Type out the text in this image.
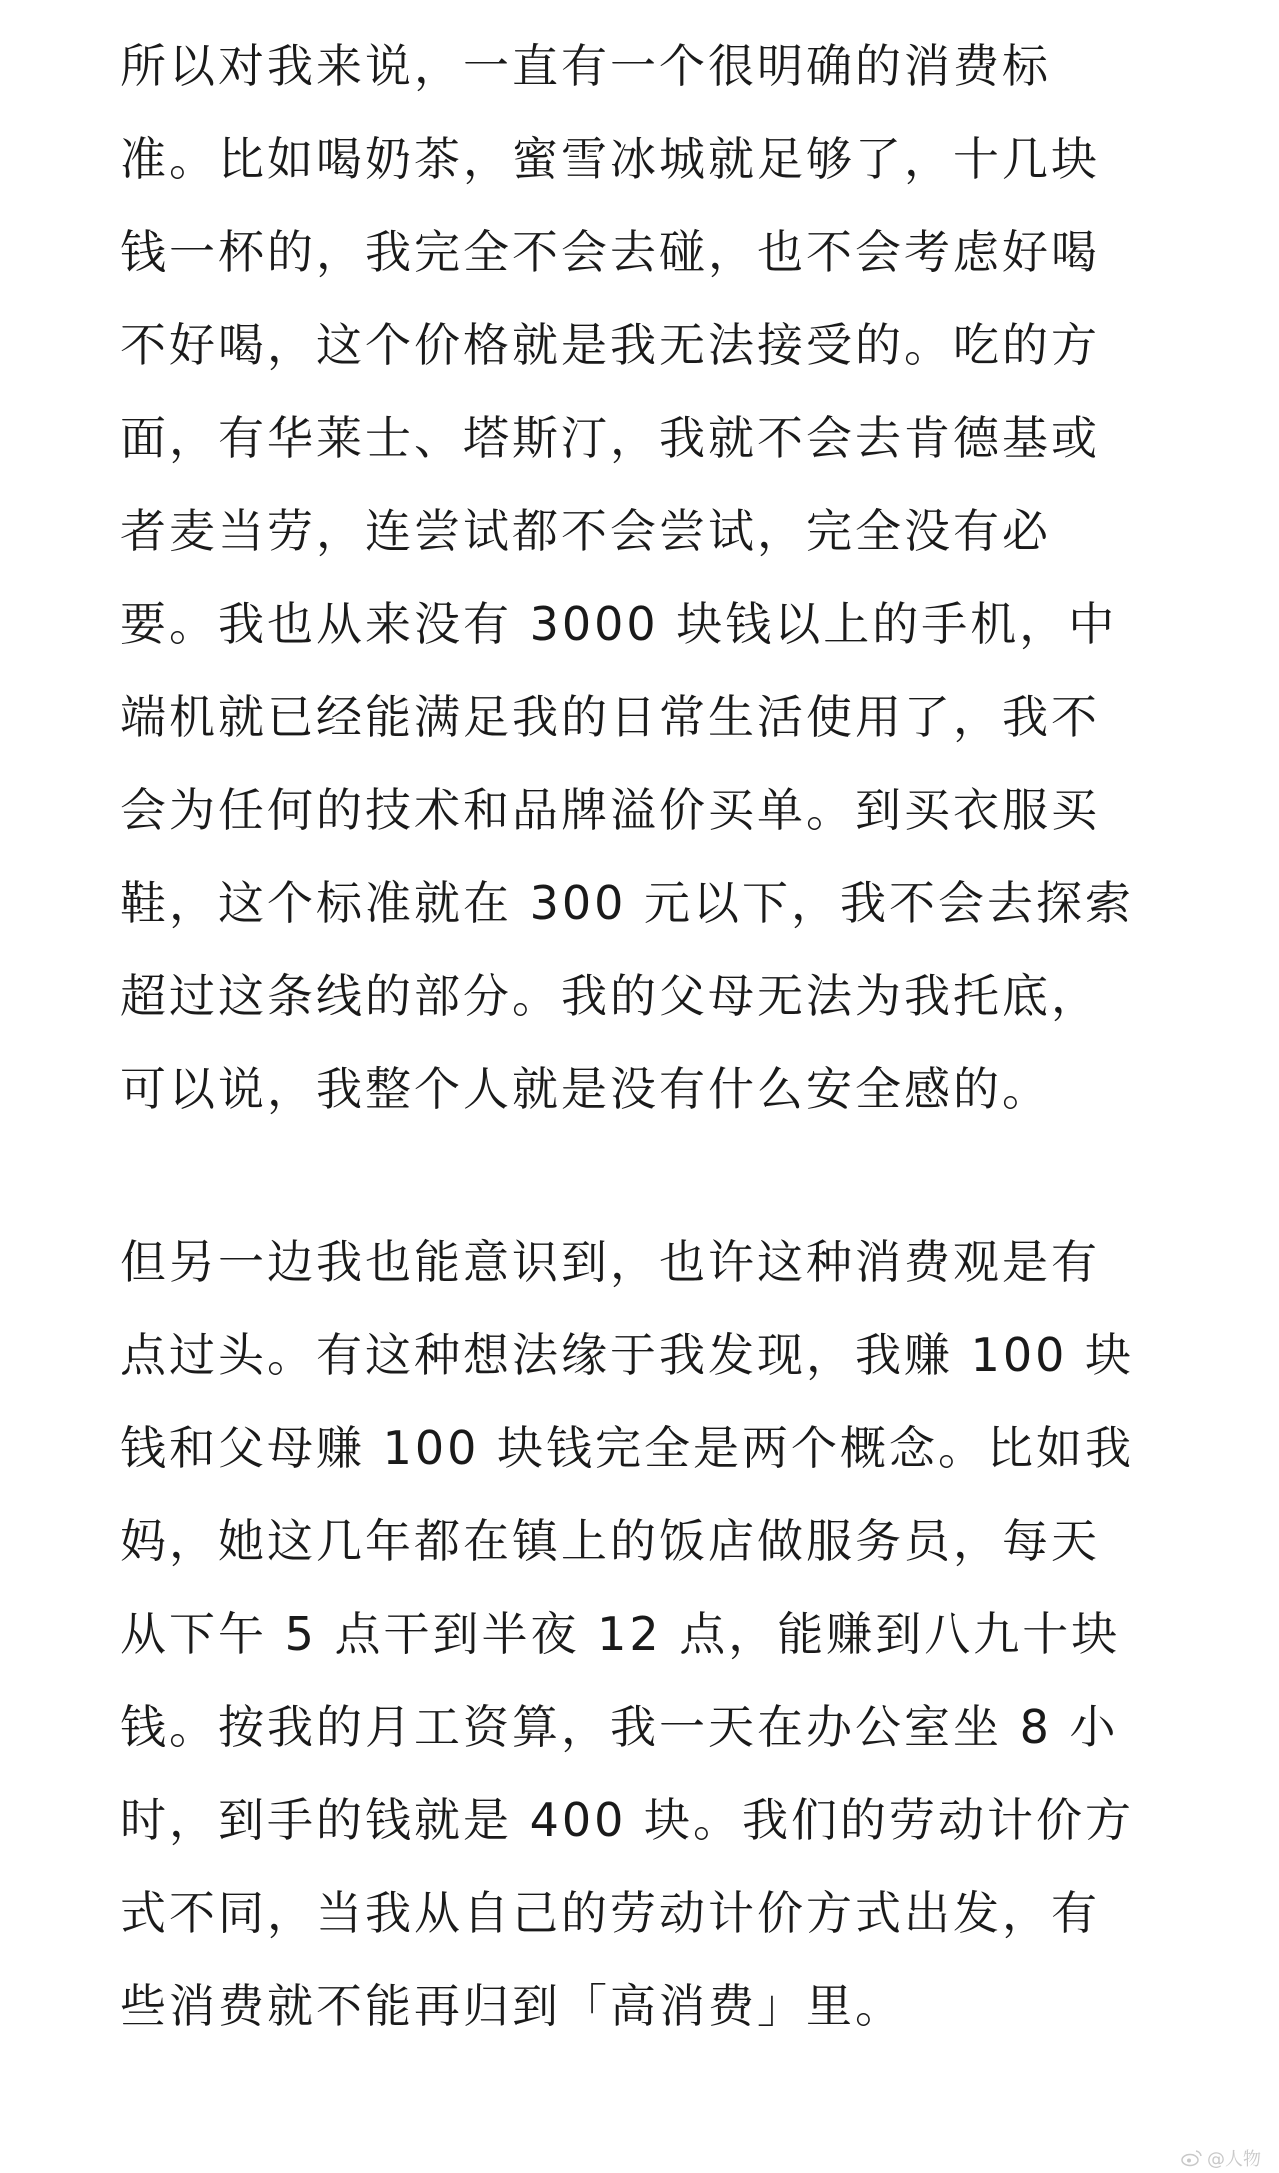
所以对我来说，一直有一个很明确的消费标
准。比如喝奶茶，蜜雪冰城就足够了，十几块
钱一杯的，我完全不会去碰，也不会考虑好喝
不好喝，这个价格就是我无法接受的。吃的方
面，有华莱士、塔斯汀，我就不会去肯德基或
者麦当劳，连尝试都不会尝试，完全没有必
要。我也从来没有 3000 块钱以上的手机，中
端机就已经能满足我的日常生活使用了，我不
会为任何的技术和品牌溢价买单。到买衣服买
鞋，这个标准就在 300 元以下，我不会去探索
超过这条线的部分。我的父母无法为我托底，
可以说，我整个人就是没有什么安全感的。
但另一边我也能意识到，也许这种消费观是有
点过头。有这种想法缘于我发现，我赚 100 块
钱和父母赚 100 块钱完全是两个概念。比如我
妈，她这几年都在镇上的饭店做服务员，每天
从下午 5 点干到半夜 12 点，能赚到八九十块
钱。按我的月工资算，我一天在办公室坐 8 小
时，到手的钱就是 400 块。我们的劳动计价方
式不同，当我从自己的劳动计价方式出发，有
些消费就不能再归到「高消费」里。
@人物
